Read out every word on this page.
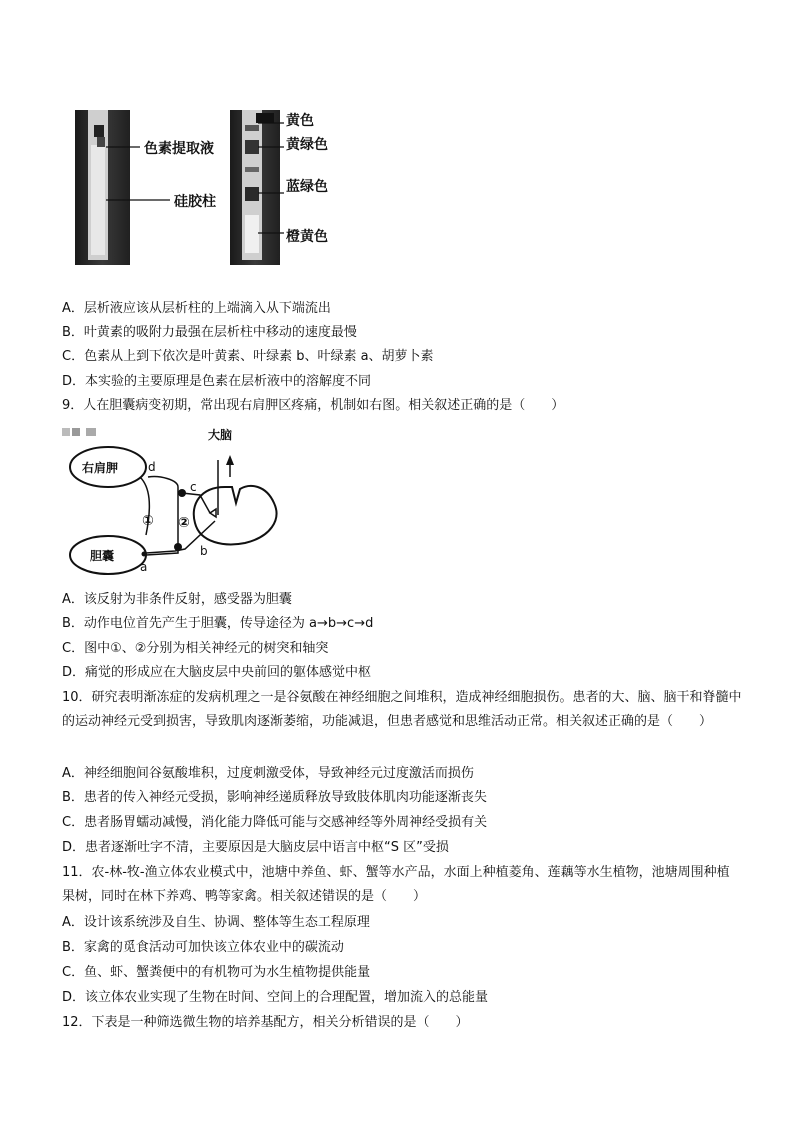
色素提取液
硅胶柱
黄色
黄绿色
蓝绿色
橙黄色
A．层析液应该从层析柱的上端滴入从下端流出
B．叶黄素的吸附力最强在层析柱中移动的速度最慢
C．色素从上到下依次是叶黄素、叶绿素 b、叶绿素 a、胡萝卜素
D．本实验的主要原理是色素在层析液中的溶解度不同
9．人在胆囊病变初期，常出现右肩胛区疼痛，机制如右图。相关叙述正确的是（　　）
右肩胛
胆囊
大脑
d
c
b
a
① ②
A．该反射为非条件反射，感受器为胆囊
B．动作电位首先产生于胆囊，传导途径为 a→b→c→d
C．图中①、②分别为相关神经元的树突和轴突
D．痛觉的形成应在大脑皮层中央前回的躯体感觉中枢
10．研究表明渐冻症的发病机理之一是谷氨酸在神经细胞之间堆积，造成神经细胞损伤。患者的大、脑、脑干和脊髓中的运动神经元受到损害，导致肌肉逐渐萎缩，功能减退，但患者感觉和思维活动正常。相关叙述正确的是（　　）
A．神经细胞间谷氨酸堆积，过度刺激受体，导致神经元过度激活而损伤
B．患者的传入神经元受损，影响神经递质释放导致肢体肌肉功能逐渐丧失
C．患者肠胃蠕动减慢，消化能力降低可能与交感神经等外周神经受损有关
D．患者逐渐吐字不清，主要原因是大脑皮层中语言中枢“S 区”受损
11．农-林-牧-渔立体农业模式中，池塘中养鱼、虾、蟹等水产品，水面上种植菱角、莲藕等水生植物，池塘周围种植果树，同时在林下养鸡、鸭等家禽。相关叙述错误的是（　　）
A．设计该系统涉及自生、协调、整体等生态工程原理
B．家禽的觅食活动可加快该立体农业中的碳流动
C．鱼、虾、蟹粪便中的有机物可为水生植物提供能量
D．该立体农业实现了生物在时间、空间上的合理配置，增加流入的总能量
12．下表是一种筛选微生物的培养基配方，相关分析错误的是（　　）
